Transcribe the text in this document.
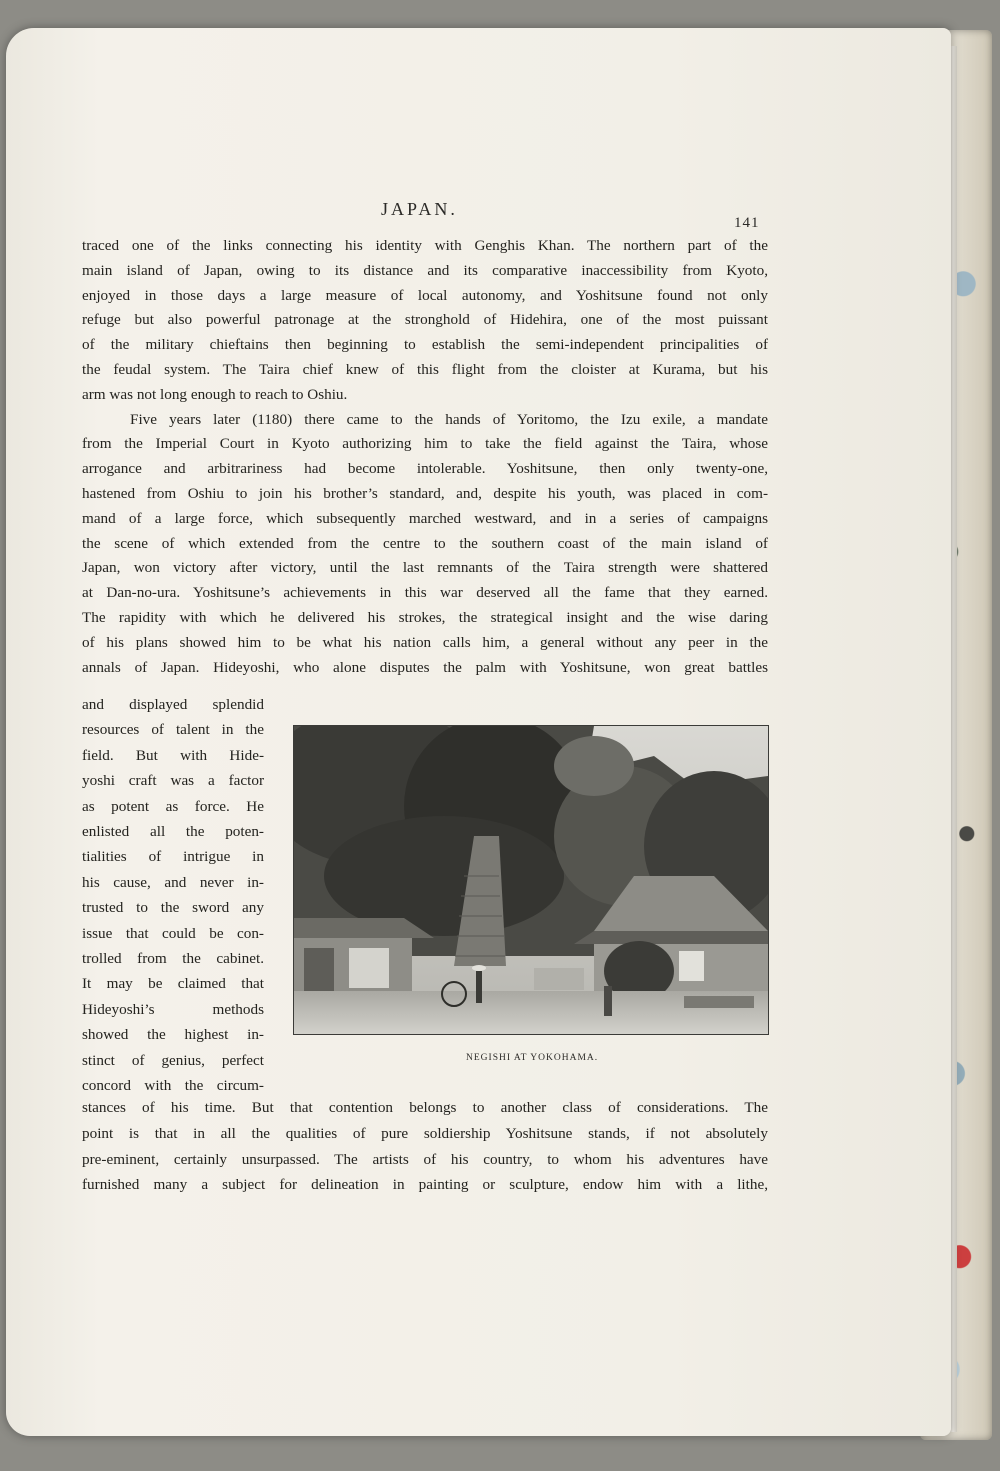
JAPAN.
141
traced one of the links connecting his identity with Genghis Khan. The northern part of the
main island of Japan, owing to its distance and its comparative inaccessibility from Kyoto,
enjoyed in those days a large measure of local autonomy, and Yoshitsune found not only
refuge but also powerful patronage at the stronghold of Hidehira, one of the most puissant
of the military chieftains then beginning to establish the semi-independent principalities of
the feudal system. The Taira chief knew of this flight from the cloister at Kurama, but his
arm was not long enough to reach to Oshiu.
Five years later (1180) there came to the hands of Yoritomo, the Izu exile, a mandate
from the Imperial Court in Kyoto authorizing him to take the field against the Taira, whose
arrogance and arbitrariness had become intolerable. Yoshitsune, then only twenty-one,
hastened from Oshiu to join his brother’s standard, and, despite his youth, was placed in com-
mand of a large force, which subsequently marched westward, and in a series of campaigns
the scene of which extended from the centre to the southern coast of the main island of
Japan, won victory after victory, until the last remnants of the Taira strength were shattered
at Dan-no-ura. Yoshitsune’s achievements in this war deserved all the fame that they earned.
The rapidity with which he delivered his strokes, the strategical insight and the wise daring
of his plans showed him to be what his nation calls him, a general without any peer in the
annals of Japan. Hideyoshi, who alone disputes the palm with Yoshitsune, won great battles
and displayed splendid
resources of talent in the
field. But with Hide-
yoshi craft was a factor
as potent as force. He
enlisted all the poten-
tialities of intrigue in
his cause, and never in-
trusted to the sword any
issue that could be con-
trolled from the cabinet.
It may be claimed that
Hideyoshi’s methods
showed the highest in-
stinct of genius, perfect
concord with the circum-
NEGISHI AT YOKOHAMA.
stances of his time. But that contention belongs to another class of considerations. The
point is that in all the qualities of pure soldiership Yoshitsune stands, if not absolutely
pre-eminent, certainly unsurpassed. The artists of his country, to whom his adventures have
furnished many a subject for delineation in painting or sculpture, endow him with a lithe,
